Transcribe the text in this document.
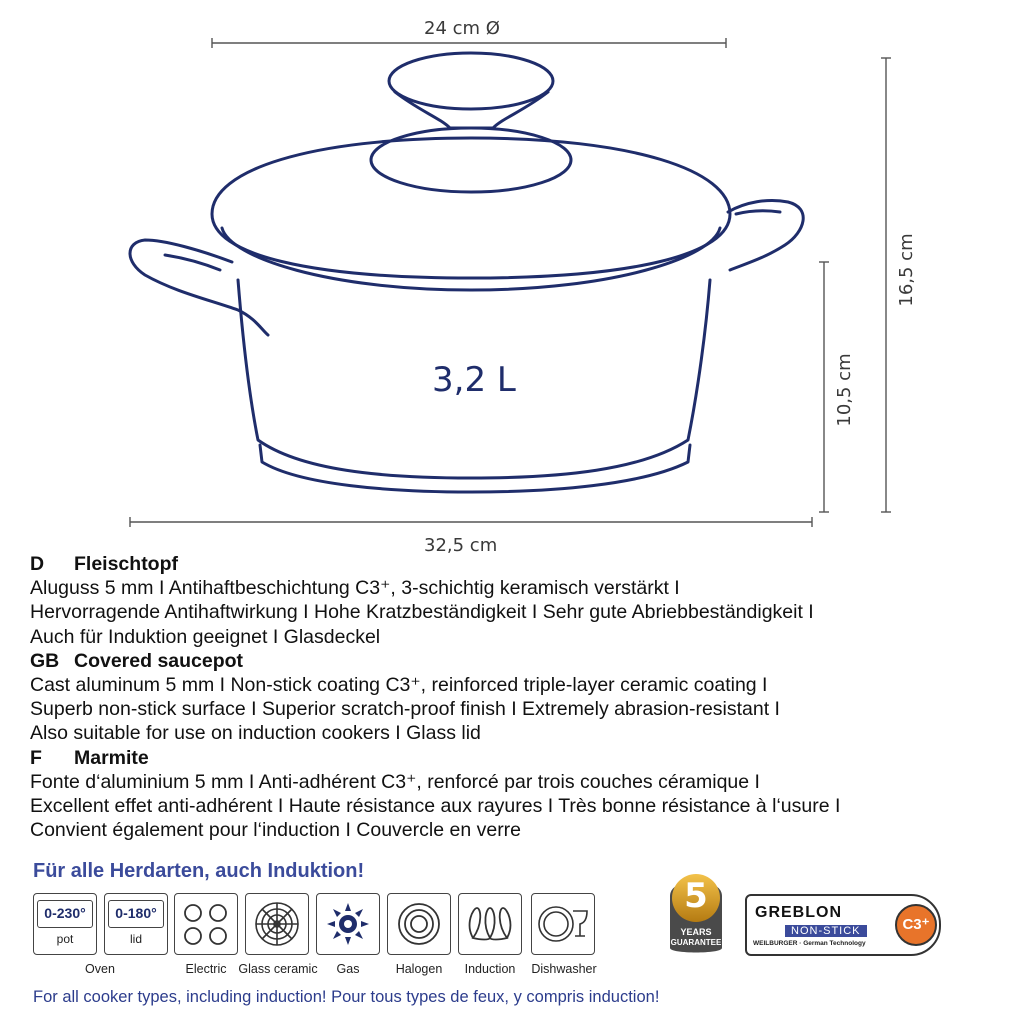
24 cm Ø
32,5 cm
16,5 cm
10,5 cm
3,2 L
D Fleischtopf
Aluguss 5 mm I Antihaftbeschichtung C3⁺, 3-schichtig keramisch verstärkt I
Hervorragende Antihaftwirkung I Hohe Kratzbeständigkeit I Sehr gute Abriebbeständigkeit I
Auch für Induktion geeignet I Glasdeckel
GB Covered saucepot
Cast aluminum 5 mm I Non-stick coating C3⁺, reinforced triple-layer ceramic coating I
Superb non-stick surface I Superior scratch-proof finish I Extremely abrasion-resistant I
Also suitable for use on induction cookers I Glass lid
F Marmite
Fonte d‘aluminium 5 mm I Anti-adhérent C3⁺, renforcé par trois couches céramique I
Excellent effet anti-adhérent I Haute résistance aux rayures I Très bonne résistance à l‘usure I
Convient également pour l‘induction I Couvercle en verre
Für alle Herdarten, auch Induktion!
0-230°
pot
0-180°
lid
Oven	Electric Glass ceramic	Gas	Halogen	Induction	Dishwasher
5
YEARS
GUARANTEE
GREBLON
NON-STICK
WEILBURGER · German Technology
C3⁺
For all cooker types, including induction! Pour tous types de feux, y compris induction!
